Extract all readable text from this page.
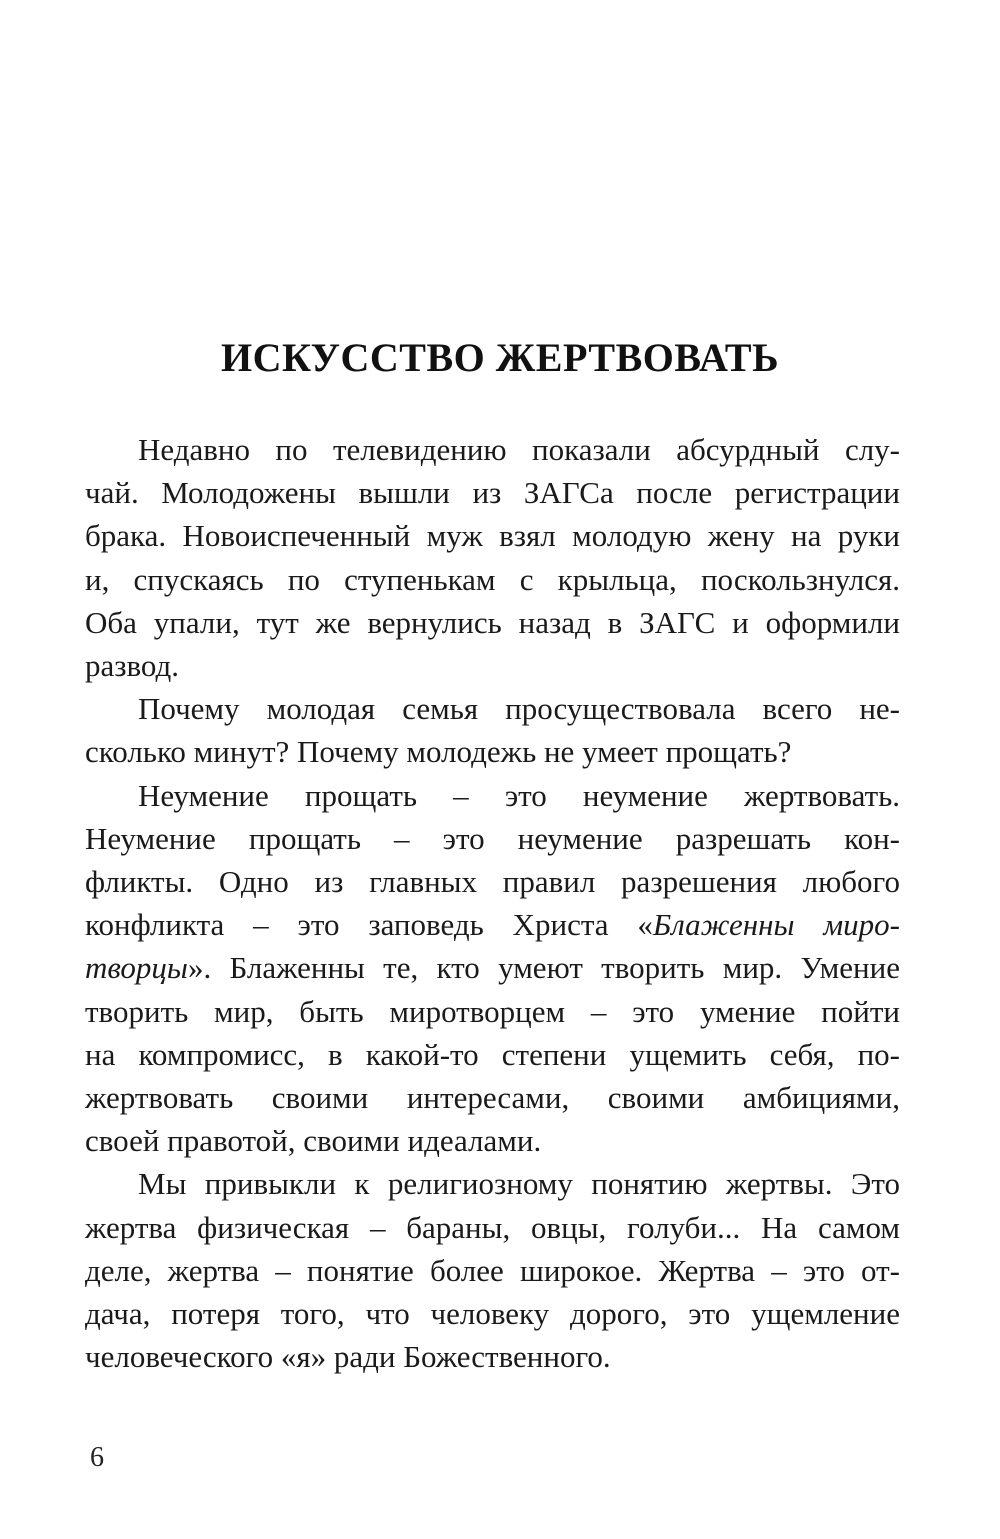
ИСКУССТВО ЖЕРТВОВАТЬ

Недавно по телевидению показали абсурдный слу-
чай. Молодожены вышли из ЗАГСа после регистрации
брака. Новоиспеченный муж взял молодую жену на руки
и, спускаясь по ступенькам с крыльца, поскользнулся.
Оба упали, тут же вернулись назад в ЗАГС и оформили
развод.

Почему молодая семья просуществовала всего не-
сколько минут? Почему молодежь не умеет прощать?

Неумение прощать – это неумение жертвовать.
Неумение прощать – это неумение разрешать кон-
фликты. Одно из главных правил разрешения любого
конфликта – это заповедь Христа «Блаженны миро-
творцы». Блаженны те, кто умеют творить мир. Умение
творить мир, быть миротворцем – это умение пойти
на компромисс, в какой-то степени ущемить себя, по-
жертвовать своими интересами, своими амбициями,
своей правотой, своими идеалами.

Мы привыкли к религиозному понятию жертвы. Это
жертва физическая – бараны, овцы, голуби... На самом
деле, жертва – понятие более широкое. Жертва – это от-
дача, потеря того, что человеку дорого, это ущемление
человеческого «я» ради Божественного.

6
